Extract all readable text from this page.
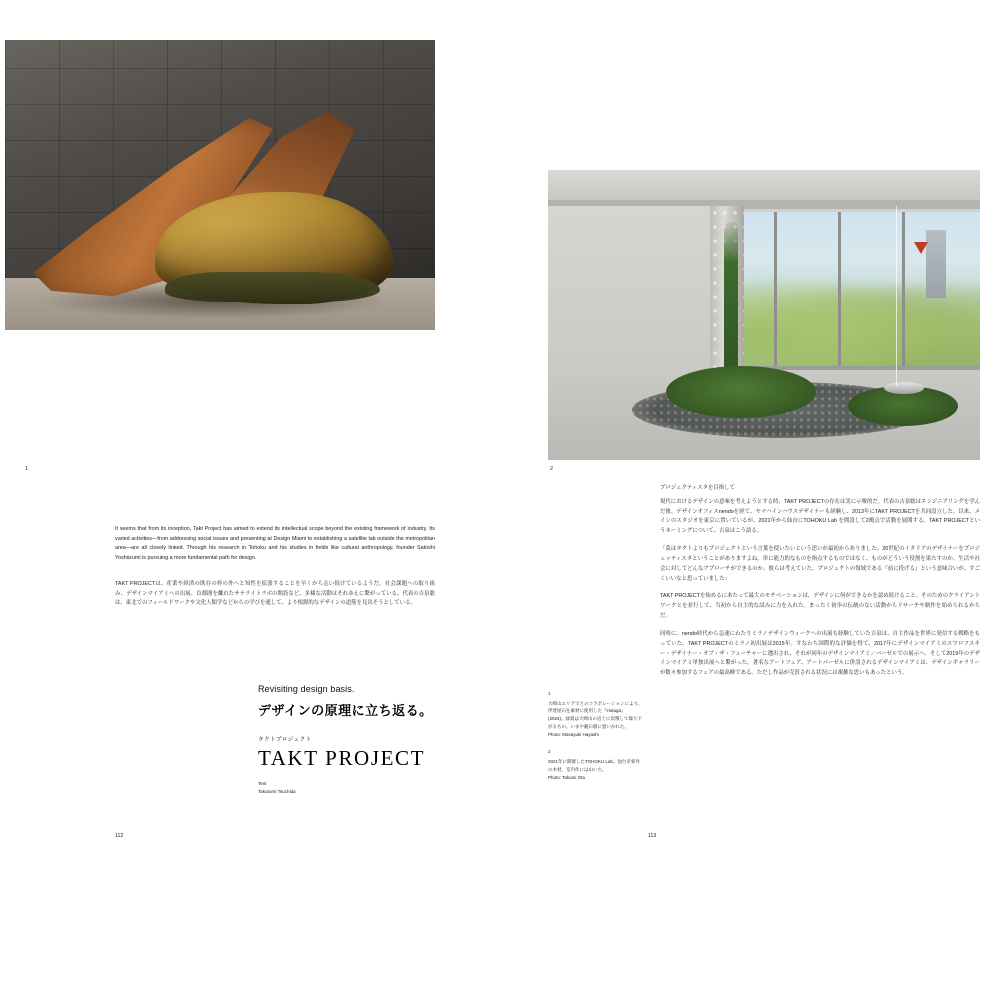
1

It seems that from its inception, Takt Project has aimed to extend its intellectual scope beyond the existing framework of industry. Its varied activities—from addressing social issues and presenting at Design Miami to establishing a satellite lab outside the metropolitan area—are all closely linked. Through his research in Tohoku and his studies in fields like cultural anthropology, founder Satoshi Yoshiizumi is pursuing a more fundamental path for design.

TAKT PROJECTは、産業や経済の既存の枠の外へと知性を拡張することを早くから志い続けているようだ。社会課題への取り組み、デザインマイアミへの出展、首都圏を離れたサテライトラボの開設など、多様な活動はそれゆえに繋がっている。代表の吉泉聡は、東北でのフィールドワークや文化人類学などからの学びを通して、より根源的なデザインの道筋を見出そうとしている。

Revisiting design basis.
デザインの原理に立ち返る。
タクトプロジェクト
TAKT PROJECT
Text
Takatomi Tsuchida
112
2

プロジェクティスタを目指して

現代におけるデザインの意味を考えようとする時、TAKT PROJECTの存在は実に示唆的だ。代表の吉泉聡はエンジニアリングを学んだ後、デザインオフィスnendoを経て、ヤマハインハウスデザイナーも経験し、2013年にTAKT PROJECTを共同設立した。以来、メインのスタジオを東京に置いているが、2021年から仙台にTOHOKU Lab を開設して2拠点で活動を展開する。TAKT PROJECTというネーミングについて、吉泉はこう語る。

「菜はタクトよりもプロジェクトという言葉を使いたいという思いが最初からありました。20世紀のイタリアのデザイナーをプロジェッティスタということがありますよね。単に能力的なものを指点するものではなく、ものがどういう役割を果たすのか、生活や社会に対してどんなアプローチができるのか、彼らは考えていた。プロジェクトの領域である『前に投げる』という意味合いが、すごくいいなと思っていました」

TAKT PROJECTを始めるにあたって最大のモチベーションは、デザインに何ができるかを認め続けること。そのためのクライアントワークとを並行して、当初から自主的な試みに力を入れた。まったく初歩の伝統のない活動からリサーチや制作を始められるからだ。

同時に、nendo時代から急速にわたりミラノデザインウィークへの出展も経験していた吉泉は、自主作品を世界に発信する戦略をもっていた。TAKT PROJECTのミラノ初出展は2015年。すなわち国際的な評価を得て、2017年にデザインマイアミのスワロフスキー・デザイナー・オブ・ザ・フューチャーに選出され、それが同年のデザインマイアミ／バーゼルでの展示へ、そして2019年のデザインマイアミ単独出展へと繋がった。著名なアートフェア、アートバーゼルに併設されるデザインマイアミは、デザインギャラリーが数々参加するフェアの最高峰である。ただし作品が売買される状況には複雑な思いもあったという。

1
大崎山エリアでとのコラボレーションにより、伊達屋石を素材に使用した『Hotaga』(2024)。緑資は大崎山の岩土に炭積して繰り下がるもの。いまや薩石層に置いかれた。
Photo: Masayuki Hayashi
2
2021年に開催したTOHOKU Lab。仙台市郊外の木材、室内作には山いた。
Photo: Takumi Ota
113
